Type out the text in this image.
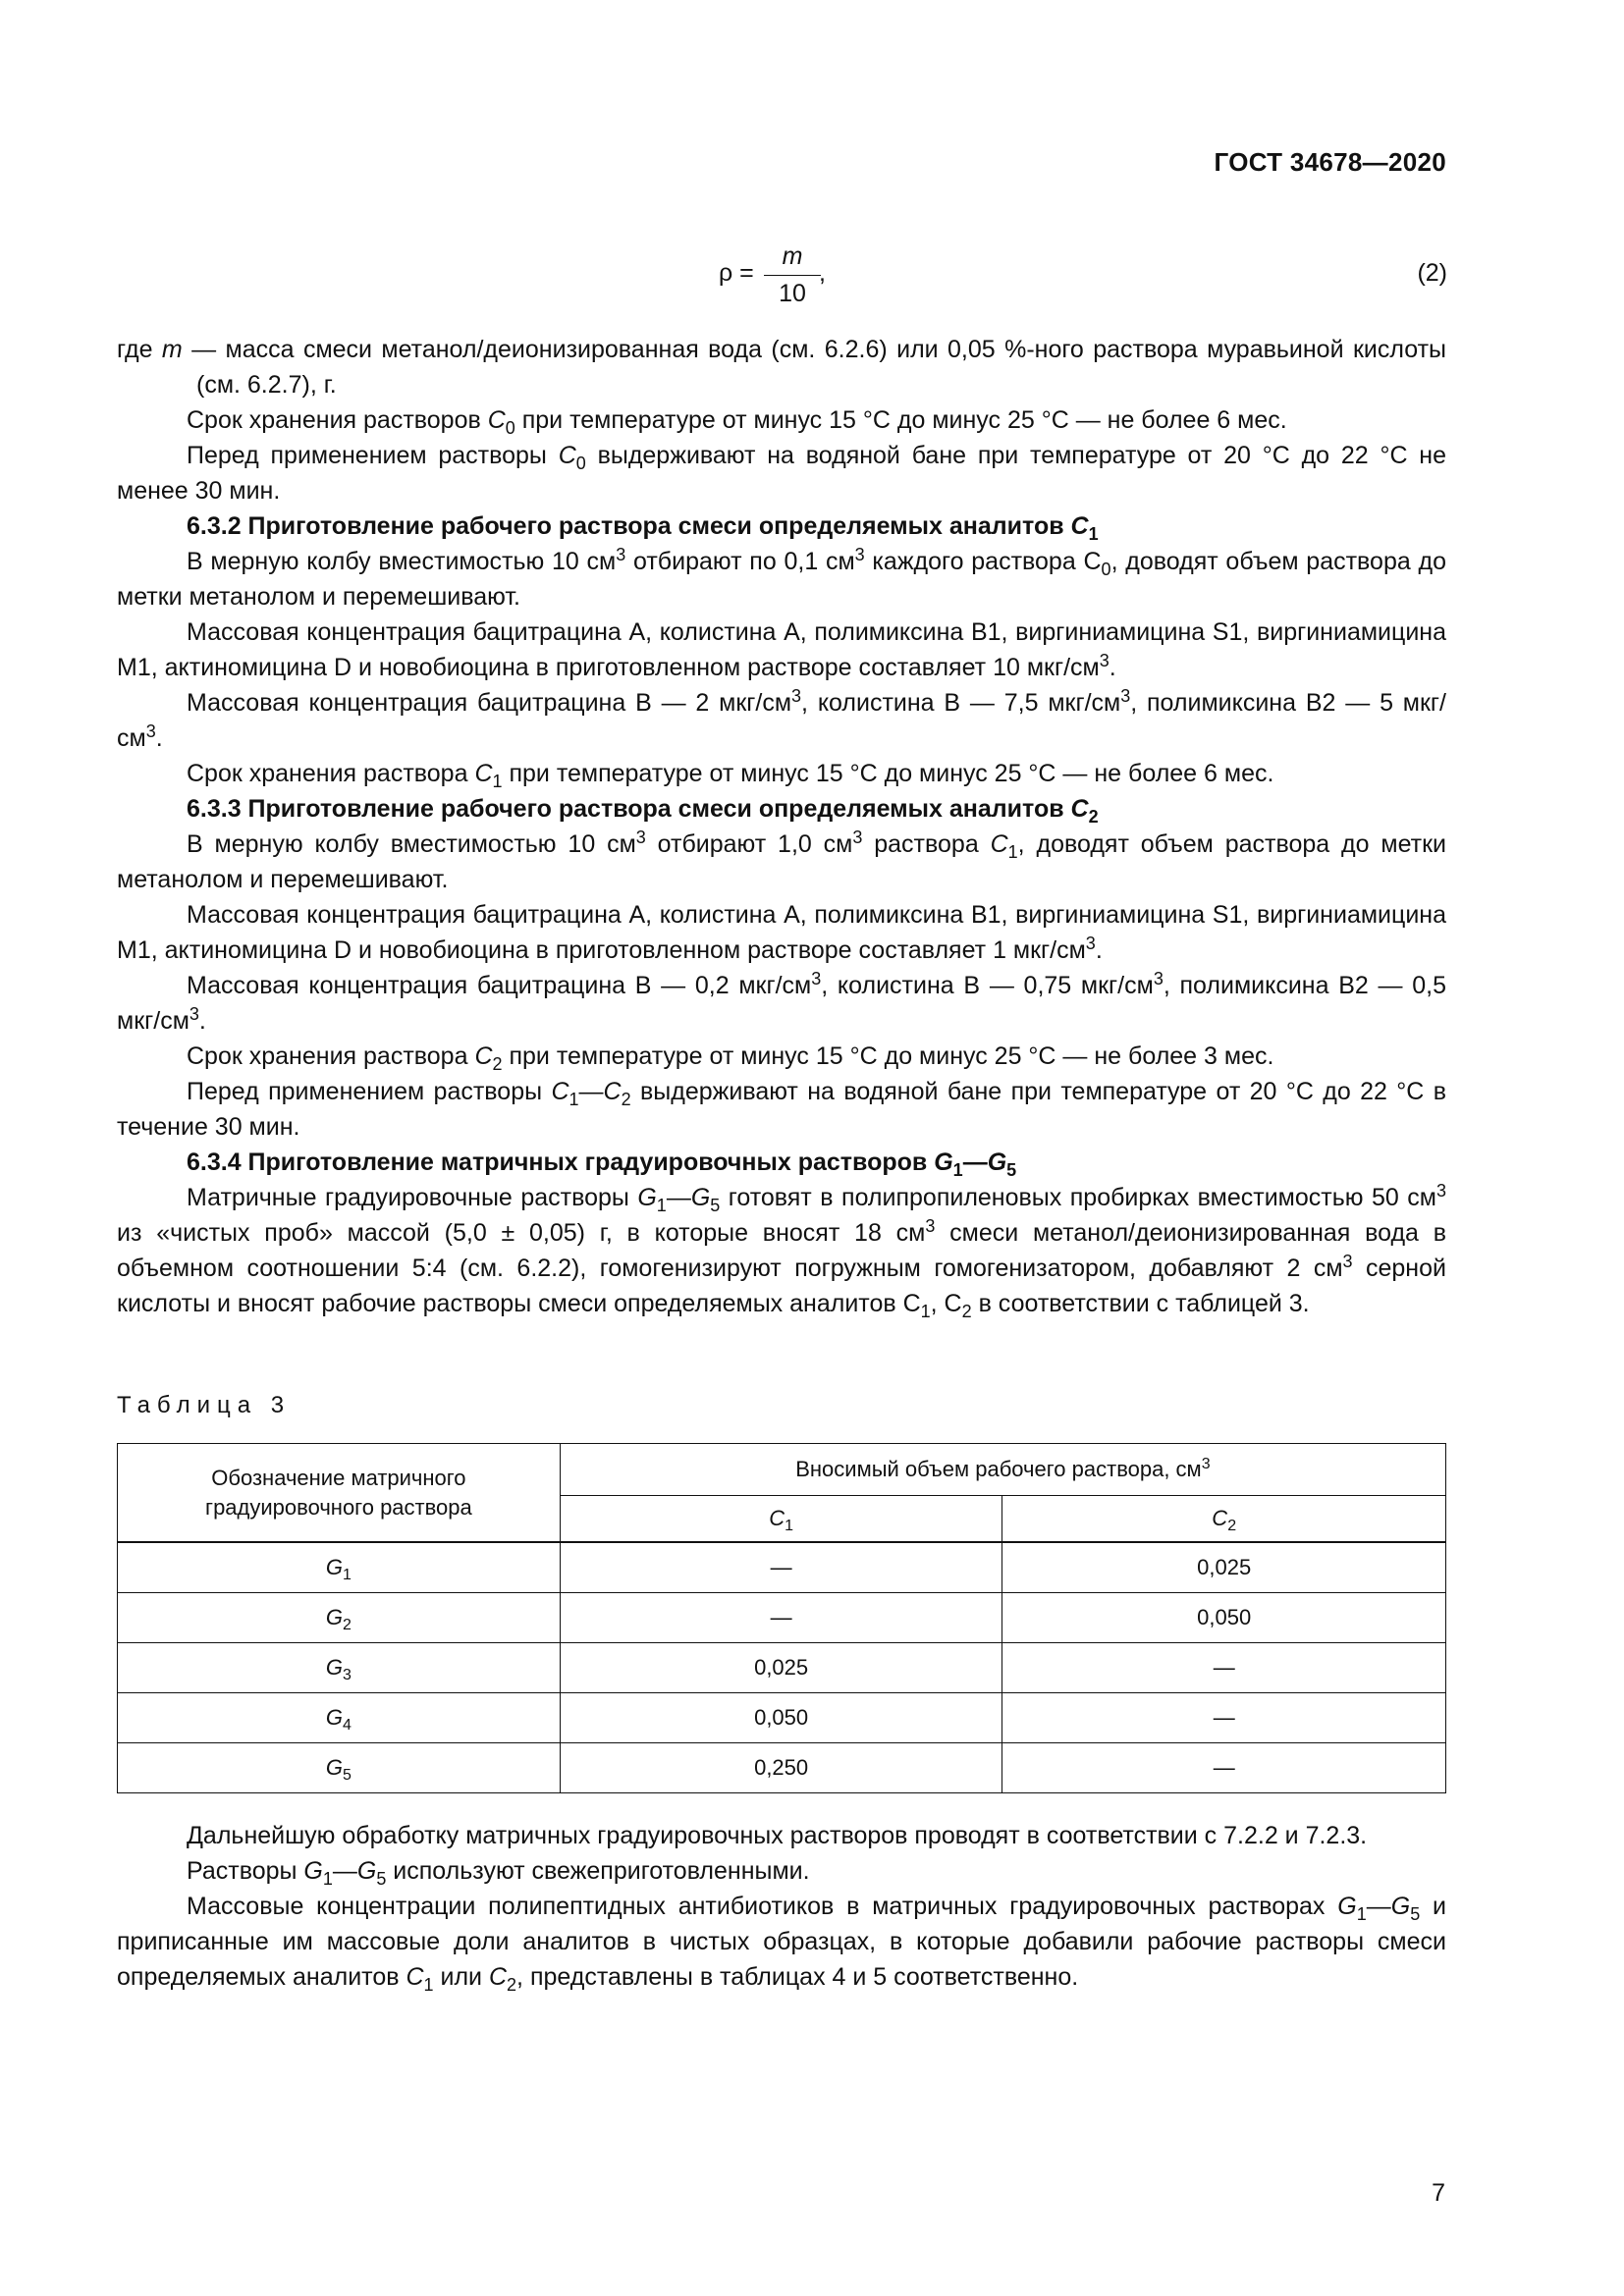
ГОСТ 34678—2020
ρ =
m
10
,	(2)

где m — масса смеси метанол/деионизированная вода (см. 6.2.6) или 0,05 %-ного раствора муравьиной кислоты (см. 6.2.7), г.

Срок хранения растворов $C_0$ при температуре от минус 15 °С до минус 25 °С — не более 6 мес.

Перед применением растворы $C_0$ выдерживают на водяной бане при температуре от 20 °С до 22 °С не менее 30 мин.

6.3.2 Приготовление рабочего раствора смеси определяемых аналитов $C_1$

В мерную колбу вместимостью 10 $см^3$ отбирают по 0,1 $см^3$ каждого раствора $С_0$, доводят объем раствора до метки метанолом и перемешивают.

Массовая концентрация бацитрацина А, колистина А, полимиксина В1, виргиниамицина S1, виргиниамицина М1, актиномицина D и новобиоцина в приготовленном растворе составляет 10 мкг/$см^3$.

Массовая концентрация бацитрацина В — 2 мкг/$см^3$, колистина В — 7,5 мкг/$см^3$, полимиксина В2 — 5 мкг/$см^3$.

Срок хранения раствора $C_1$ при температуре от минус 15 °С до минус 25 °С — не более 6 мес.

6.3.3 Приготовление рабочего раствора смеси определяемых аналитов $C_2$

В мерную колбу вместимостью 10 $см^3$ отбирают 1,0 $см^3$ раствора $C_1$, доводят объем раствора до метки метанолом и перемешивают.

Массовая концентрация бацитрацина А, колистина А, полимиксина В1, виргиниамицина S1, виргиниамицина М1, актиномицина D и новобиоцина в приготовленном растворе составляет 1 мкг/$см^3$.

Массовая концентрация бацитрацина В — 0,2 мкг/$см^3$, колистина В — 0,75 мкг/$см^3$, полимиксина В2 — 0,5 мкг/$см^3$.

Срок хранения раствора $C_2$ при температуре от минус 15 °С до минус 25 °С — не более 3 мес.

Перед применением растворы $C_1—C_2$ выдерживают на водяной бане при температуре от 20 °С до 22 °С в течение 30 мин.

6.3.4 Приготовление матричных градуировочных растворов $G_1—G_5$

Матричные градуировочные растворы $G_1—G_5$ готовят в полипропиленовых пробирках вместимостью 50 $см^3$ из «чистых проб» массой (5,0 ± 0,05) г, в которые вносят 18 $см^3$ смеси метанол/деионизированная вода в объемном соотношении 5:4 (см. 6.2.2), гомогенизируют погружным гомогенизатором, добавляют 2 $см^3$ серной кислоты и вносят рабочие растворы смеси определяемых аналитов $С_1$, $С_2$ в соответствии с таблицей 3.

Таблица 3
Обозначение матричного градуировочного раствора	Вносимый объем рабочего раствора, $см^3$
	$C_1$	$C_2$
$G_1$	—	0,025
$G_2$	—	0,050
$G_3$	0,025	—
$G_4$	0,050	—
$G_5$	0,250	—

Дальнейшую обработку матричных градуировочных растворов проводят в соответствии с 7.2.2 и 7.2.3.

Растворы $G_1—G_5$ используют свежеприготовленными.

Массовые концентрации полипептидных антибиотиков в матричных градуировочных растворах $G_1—G_5$ и приписанные им массовые доли аналитов в чистых образцах, в которые добавили рабочие растворы смеси определяемых аналитов $C_1$ или $C_2$, представлены в таблицах 4 и 5 соответственно.

7
